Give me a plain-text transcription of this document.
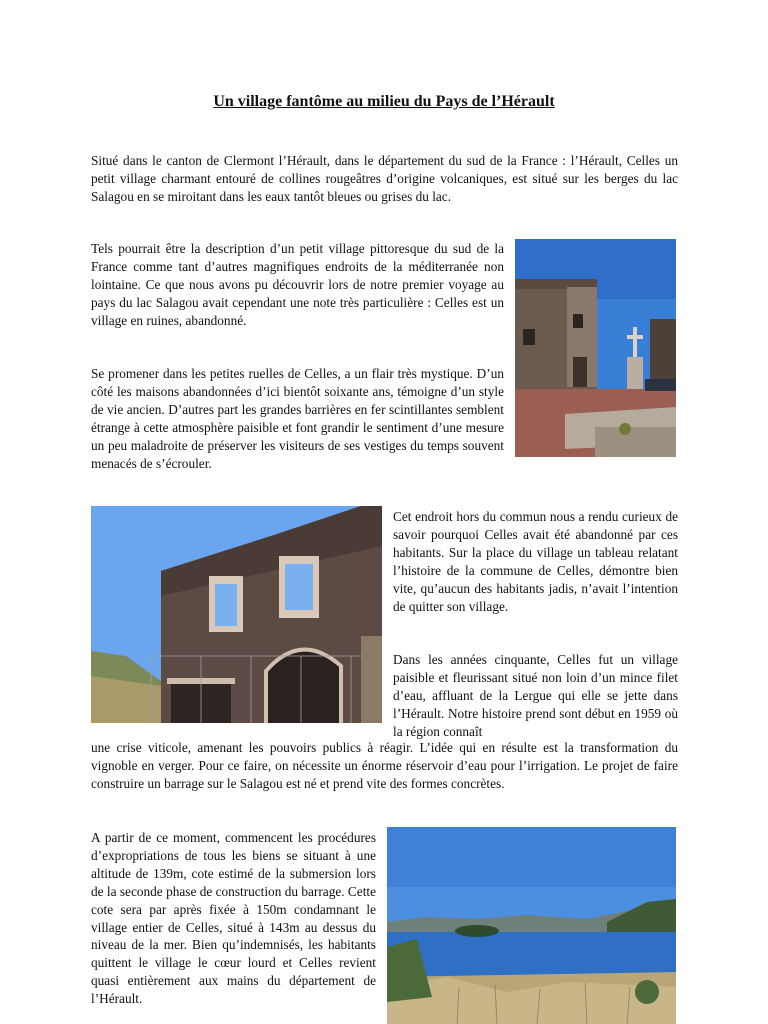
Un village fantôme au milieu du Pays de l’Hérault

Situé dans le canton de Clermont l’Hérault, dans le département du sud de la France : l’Hérault, Celles un petit village charmant entouré de collines rougeâtres d’origine volcaniques, est situé sur les berges du lac Salagou en se miroitant dans les eaux tantôt bleues ou grises du lac.

Tels pourrait être la description d’un petit village pittoresque du sud de la France comme tant d’autres magnifiques endroits de la méditerranée non lointaine. Ce que nous avons pu découvrir lors de notre premier voyage au pays du lac Salagou avait cependant une note très particulière : Celles est un village en ruines, abandonné.

Se promener dans les petites ruelles de Celles, a un flair très mystique. D’un côté les maisons abandonnées d’ici bientôt soixante ans, témoigne d’un style de vie ancien. D’autres part les grandes barrières en fer scintillantes semblent étrange à cette atmosphère paisible et font grandir le sentiment d’une mesure un peu maladroite de préserver les visiteurs de ses vestiges du temps souvent menacés de s’écrouler.

Cet endroit hors du commun nous a rendu curieux de savoir pourquoi Celles avait été abandonné par ces habitants. Sur la place du village un tableau relatant l’histoire de la commune de Celles, démontre bien vite, qu’aucun des habitants jadis, n’avait l’intention de quitter son village.

Dans les années cinquante, Celles fut un village paisible et fleurissant situé non loin d’un mince filet d’eau, affluant de la Lergue qui elle se jette dans l’Hérault. Notre histoire prend sont début en 1959 où la région connaît

une crise viticole, amenant les pouvoirs publics à réagir. L’idée qui en résulte est la transformation du vignoble en verger. Pour ce faire, on nécessite un énorme réservoir d’eau pour l’irrigation. Le projet de faire construire un barrage sur le Salagou est né et prend vite des formes concrètes.

A partir de ce moment, commencent les procédures d’expropriations de tous les biens se situant à une altitude de 139m, cote estimé de la submersion lors de la seconde phase de construction du barrage. Cette cote sera par après fixée à 150m condamnant le village entier de Celles, situé à 143m au dessus du niveau de la mer. Bien qu’indemnisés, les habitants quittent le village le cœur lourd et Celles revient quasi entièrement aux mains du département de l’Hérault.
